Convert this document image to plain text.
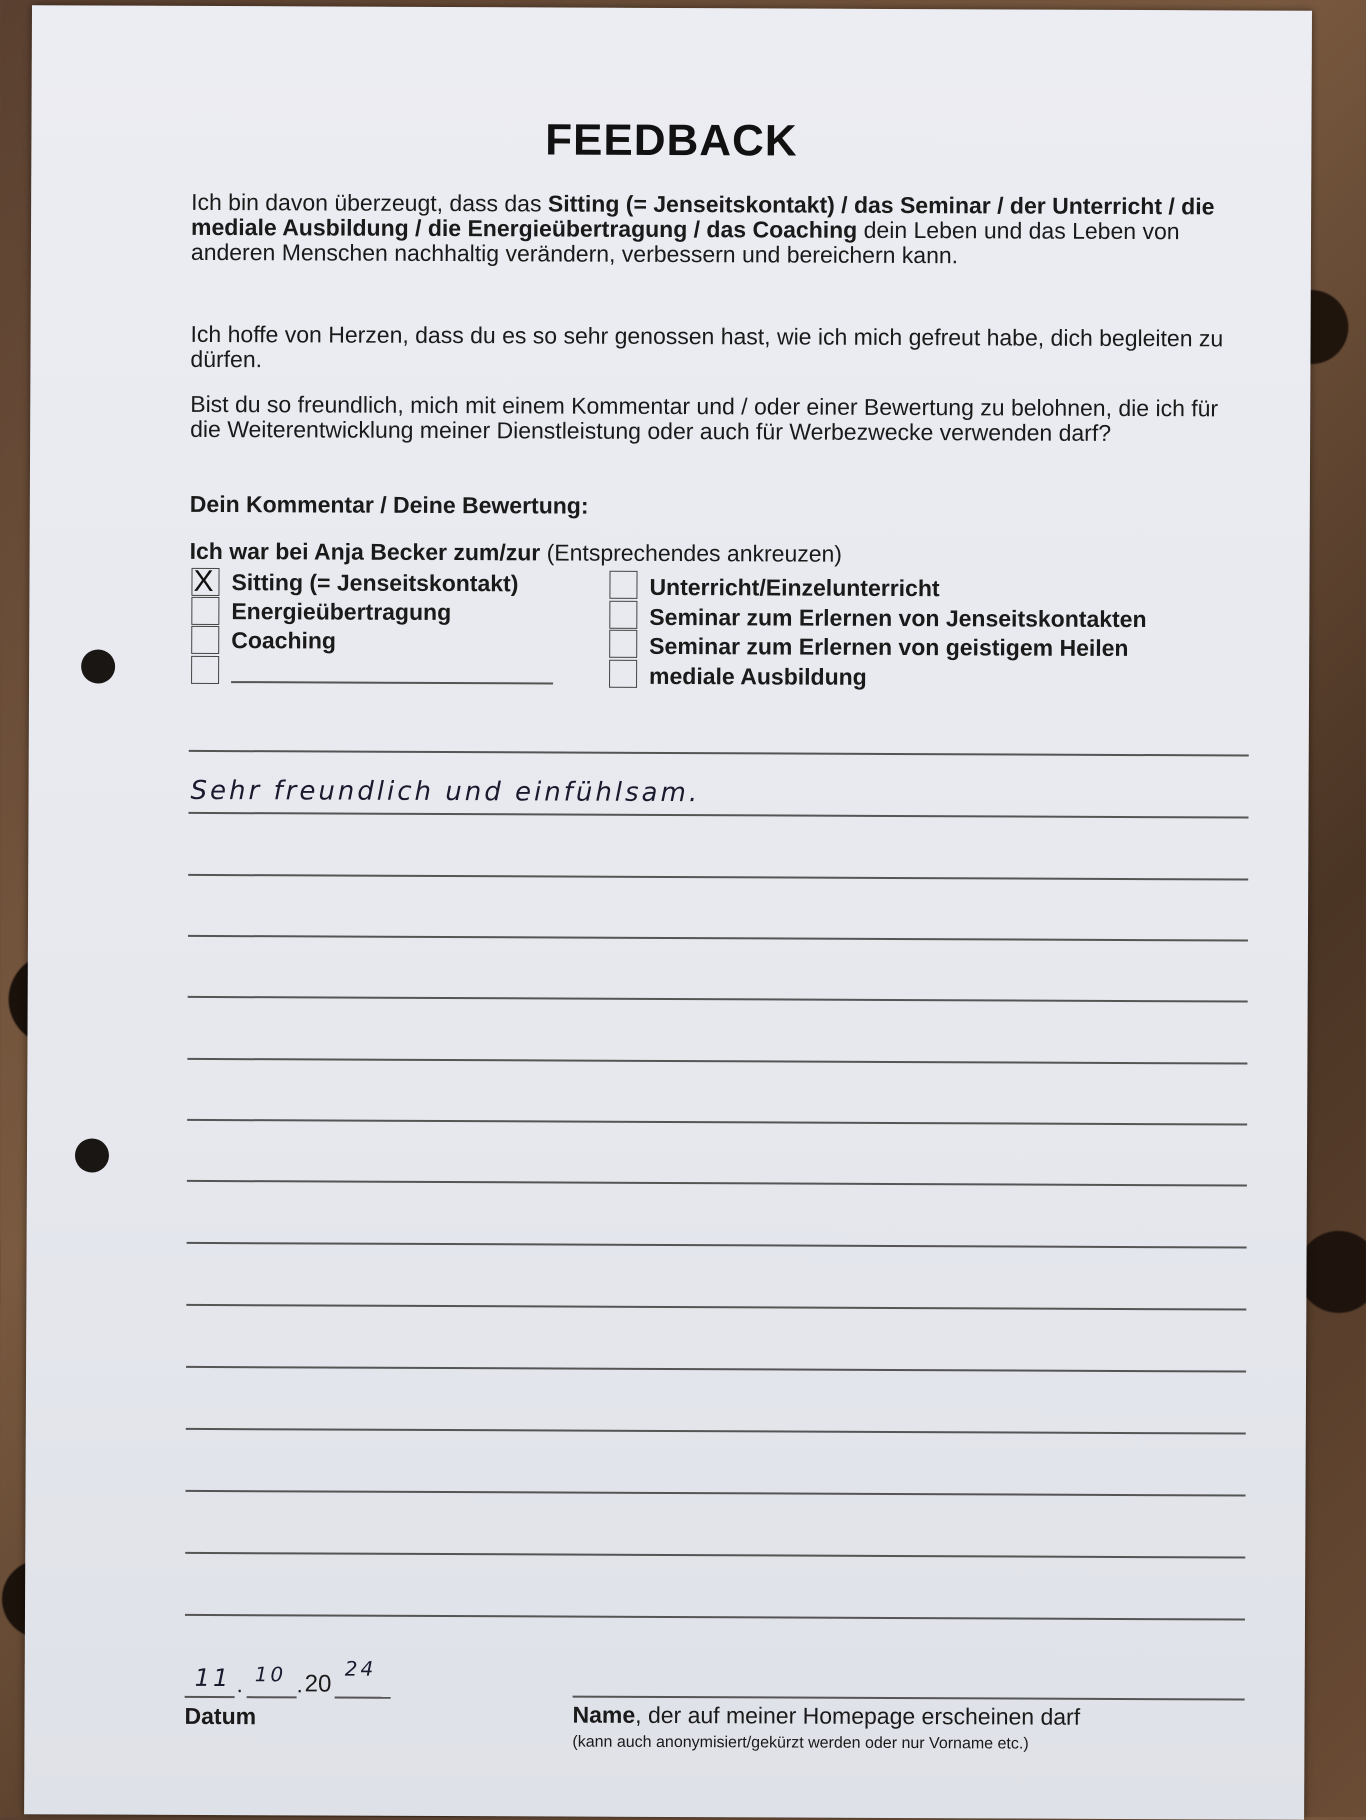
FEEDBACK
Ich bin davon überzeugt, dass das Sitting (= Jenseitskontakt) / das Seminar / der Unterricht / die mediale Ausbildung / die Energieübertragung / das Coaching dein Leben und das Leben von anderen Menschen nachhaltig verändern, verbessern und bereichern kann.
Ich hoffe von Herzen, dass du es so sehr genossen hast, wie ich mich gefreut habe, dich begleiten zu dürfen.
Bist du so freundlich, mich mit einem Kommentar und / oder einer Bewertung zu belohnen, die ich für die Weiterentwicklung meiner Dienstleistung oder auch für Werbezwecke verwenden darf?
Dein Kommentar / Deine Bewertung:
Ich war bei Anja Becker zum/zur (Entsprechendes ankreuzen)
X Sitting (= Jenseitskontakt)
Energieübertragung
Coaching
Unterricht/Einzelunterricht
Seminar zum Erlernen von Jenseitskontakten
Seminar zum Erlernen von geistigem Heilen
mediale Ausbildung
Sehr freundlich und einfühlsam.
11 . 10 . 20
24
Datum	Name, der auf meiner Homepage erscheinen darf
(kann auch anonymisiert/gekürzt werden oder nur Vorname etc.)
